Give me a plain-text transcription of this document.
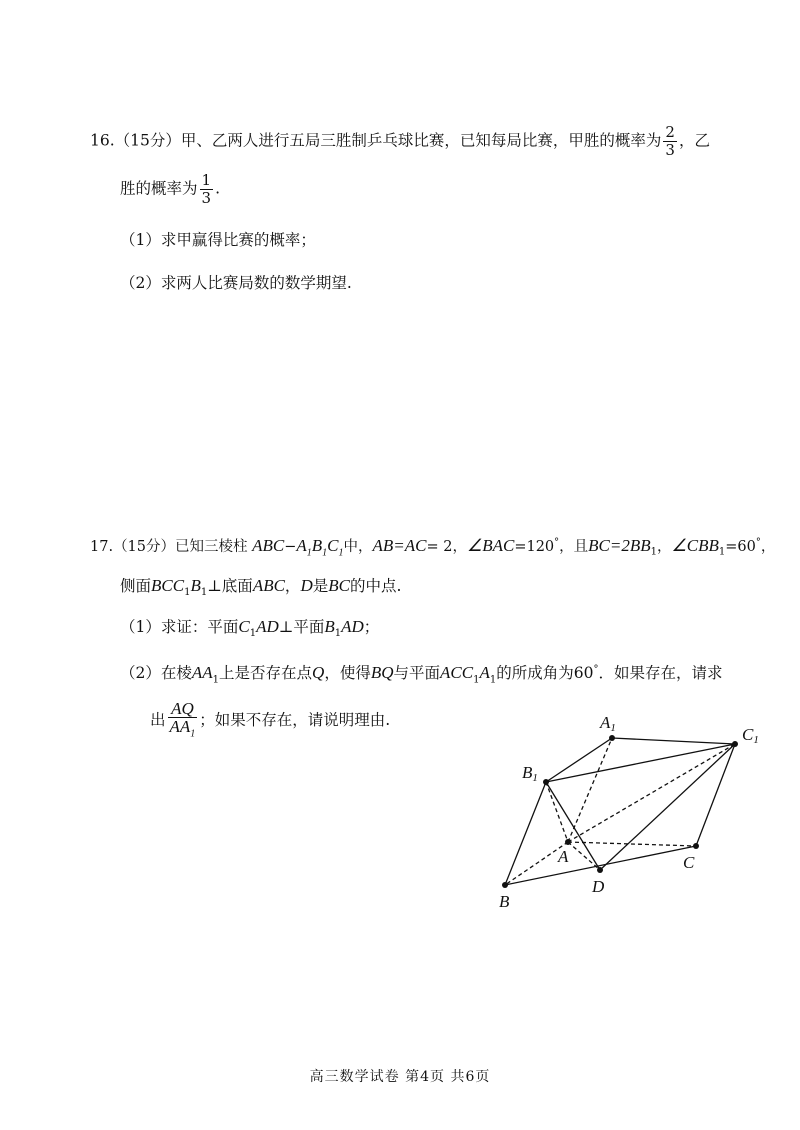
16.（15分）甲、乙两人进行五局三胜制乒乓球比赛，已知每局比赛，甲胜的概率为 $\frac{2}{3}$ ，乙
胜的概率为 $\frac{1}{3}$ .
（1）求甲赢得比赛的概率；
（2）求两人比赛局数的数学期望.
17.（15分）已知三棱柱 $ABC-A_1B_1C_1$中，AB=AC= 2，∠BAC=120°，且$BC=2BB_1$，$\angle CBB_1=60^\circ$，
侧面$BCC_1B_1\perp$底面ABC，D是BC的中点.
（1）求证：平面$C_1AD\perp$平面$B_1AD$；
（2）在棱$AA_1$上是否存在点Q，使得BQ与平面$ACC_1A_1$的所成角为60°．如果存在，请求
出 $\frac{AQ}{AA_1}$ ；如果不存在，请说明理由.	A1	C1
B1
A	C
D
B
高三数学试卷 第4页 共6页
